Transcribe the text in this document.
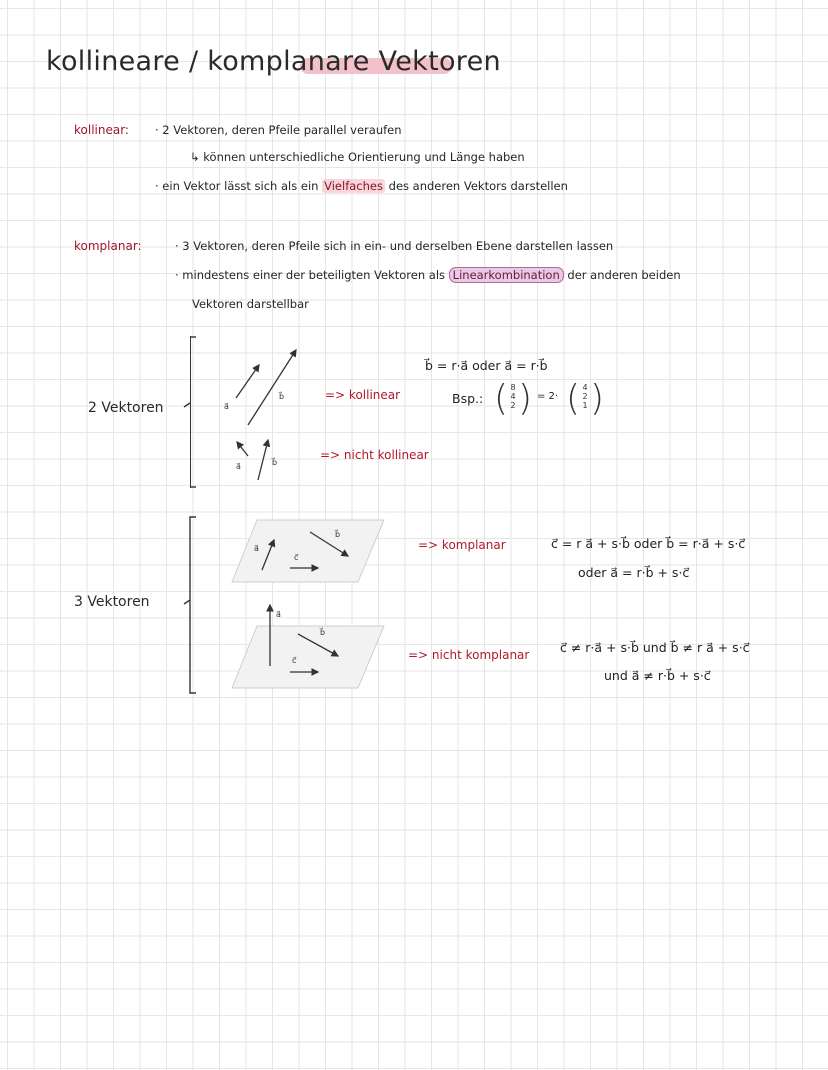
kollineare / komplanare Vektoren
kollinear: · 2 Vektoren, deren Pfeile parallel veraufen
↳ können unterschiedliche Orientierung und Länge haben
· ein Vektor lässt sich als ein Vielfaches des anderen Vektors darstellen
komplanar:	· 3 Vektoren, deren Pfeile sich in ein- und derselben Ebene darstellen lassen
· mindestens einer der beteiligten Vektoren als Linearkombination der anderen beiden
Vektoren darstellbar
2 Vektoren	a⃗
b⃗
a⃗	b⃗
=> kollinear
=> nicht kollinear
b⃗ = r·a⃗ oder a⃗ = r·b⃗
Bsp.: ( 8
4
2 ) = 2· ( 4
2
1 )
3 Vektoren
a⃗
c⃗
b⃗
a⃗
c⃗
b⃗
=> komplanar	c⃗ = r a⃗ + s·b⃗ oder b⃗ = r·a⃗ + s·c⃗
oder a⃗ = r·b⃗ + s·c⃗
=> nicht komplanar c⃗ ≠ r·a⃗ + s·b⃗ und b⃗ ≠ r a⃗ + s·c⃗
und a⃗ ≠ r·b⃗ + s·c⃗
